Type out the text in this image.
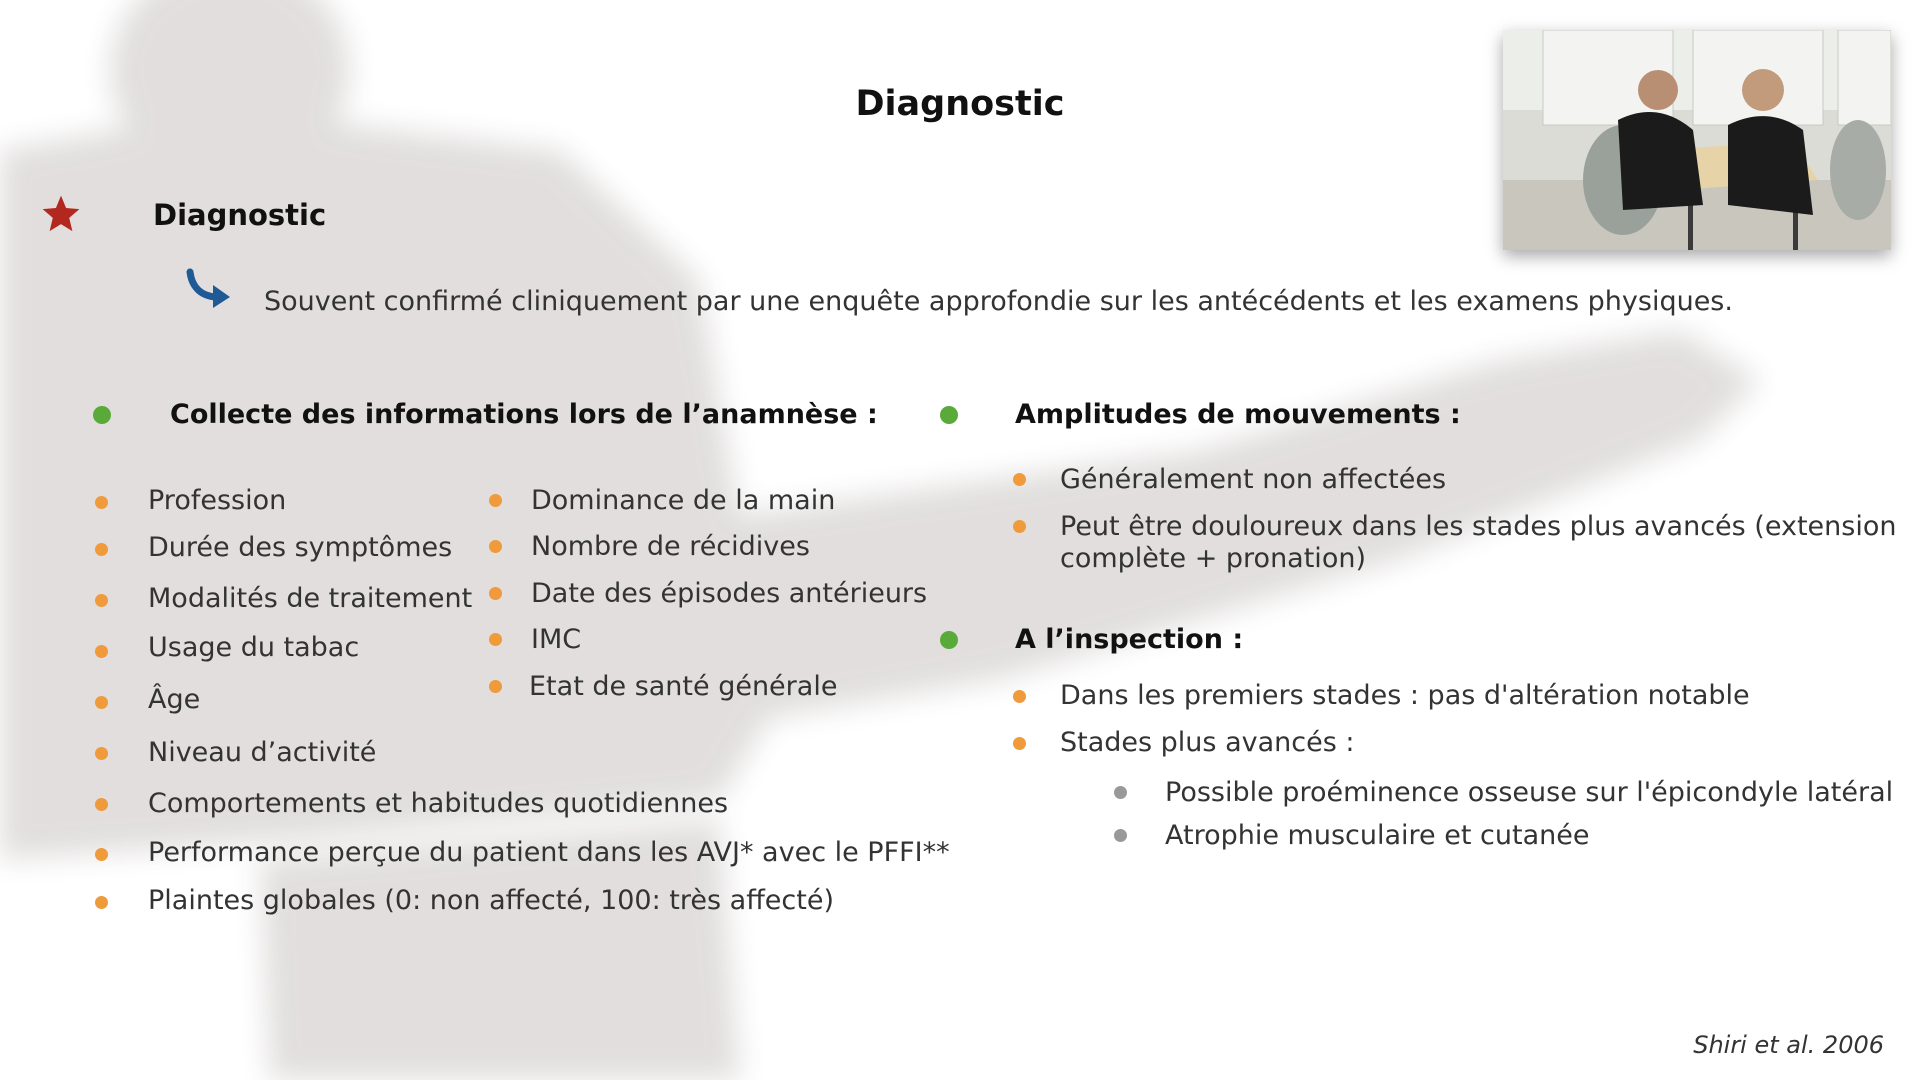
Diagnostic
Diagnostic
Souvent confirmé cliniquement par une enquête approfondie sur les antécédents et les examens physiques.
Collecte des informations lors de l’anamnèse :
Profession
Durée des symptômes
Modalités de traitement
Usage du tabac
Âge
Niveau d’activité
Comportements et habitudes quotidiennes
Performance perçue du patient dans les AVJ* avec le PFFI**
Plaintes globales (0: non affecté, 100: très affecté)
Dominance de la main
Nombre de récidives
Date des épisodes antérieurs
IMC
Etat de santé générale
Amplitudes de mouvements :
Généralement non affectées
Peut être douloureux dans les stades plus avancés (extension
complète + pronation)
A l’inspection :
Dans les premiers stades : pas d'altération notable
Stades plus avancés :
Possible proéminence osseuse sur l'épicondyle latéral
Atrophie musculaire et cutanée
Shiri et al. 2006
